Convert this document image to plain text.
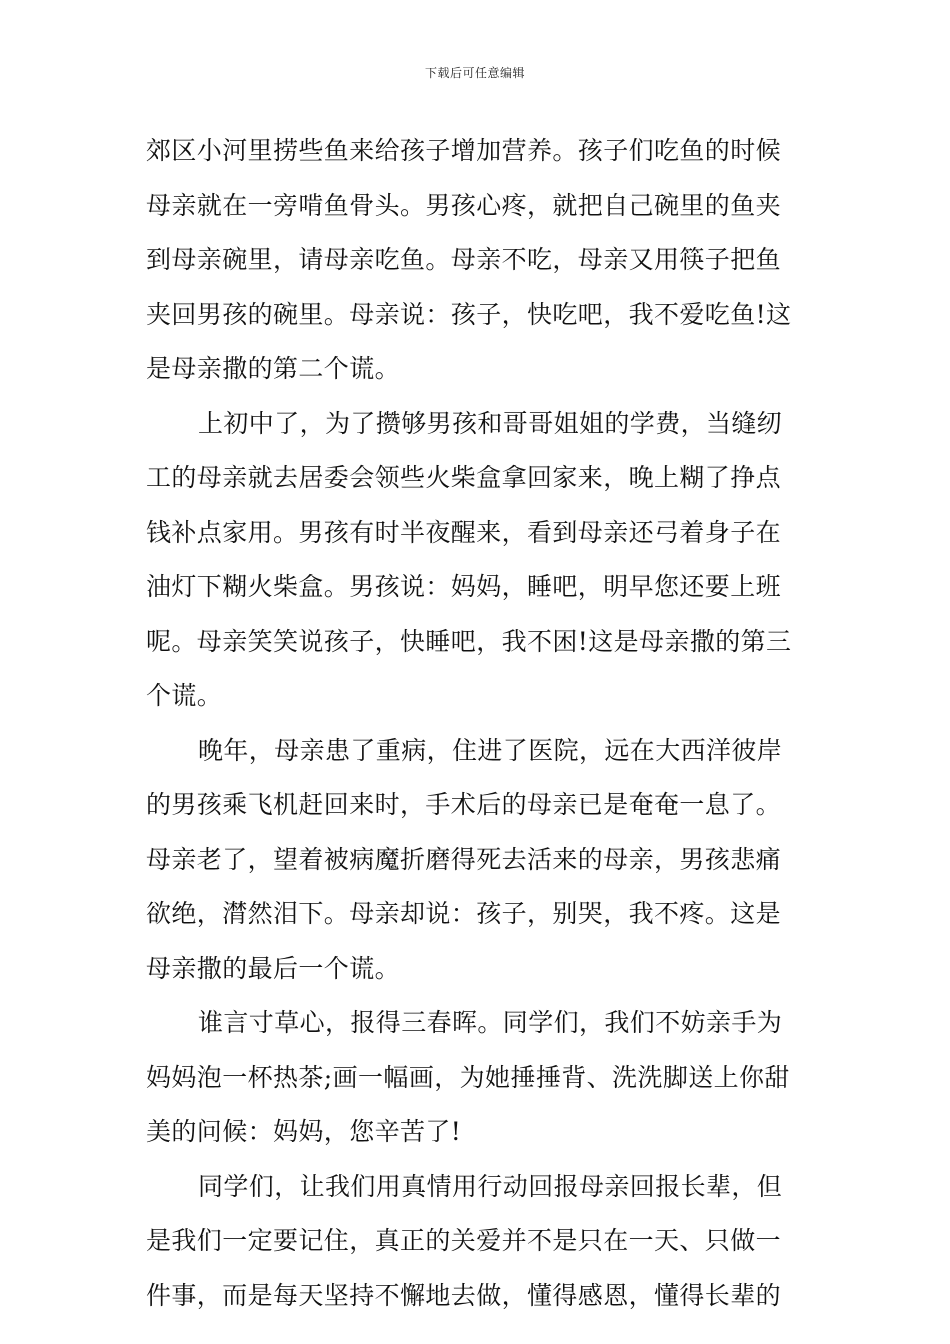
下载后可任意编辑
郊区小河里捞些鱼来给孩子增加营养。孩子们吃鱼的时候
母亲就在一旁啃鱼骨头。男孩心疼，就把自己碗里的鱼夹
到母亲碗里，请母亲吃鱼。母亲不吃，母亲又用筷子把鱼
夹回男孩的碗里。母亲说：孩子，快吃吧，我不爱吃鱼!这
是母亲撒的第二个谎。
上初中了，为了攒够男孩和哥哥姐姐的学费，当缝纫
工的母亲就去居委会领些火柴盒拿回家来，晚上糊了挣点
钱补点家用。男孩有时半夜醒来，看到母亲还弓着身子在
油灯下糊火柴盒。男孩说：妈妈，睡吧，明早您还要上班
呢。母亲笑笑说孩子，快睡吧，我不困!这是母亲撒的第三
个谎。
晚年，母亲患了重病，住进了医院，远在大西洋彼岸
的男孩乘飞机赶回来时，手术后的母亲已是奄奄一息了。
母亲老了，望着被病魔折磨得死去活来的母亲，男孩悲痛
欲绝，潸然泪下。母亲却说：孩子，别哭，我不疼。这是
母亲撒的最后一个谎。
谁言寸草心，报得三春晖。同学们，我们不妨亲手为
妈妈泡一杯热茶;画一幅画，为她捶捶背、洗洗脚送上你甜
美的问候：妈妈，您辛苦了!
同学们，让我们用真情用行动回报母亲回报长辈，但
是我们一定要记住，真正的关爱并不是只在一天、只做一
件事，而是每天坚持不懈地去做，懂得感恩，懂得长辈的
